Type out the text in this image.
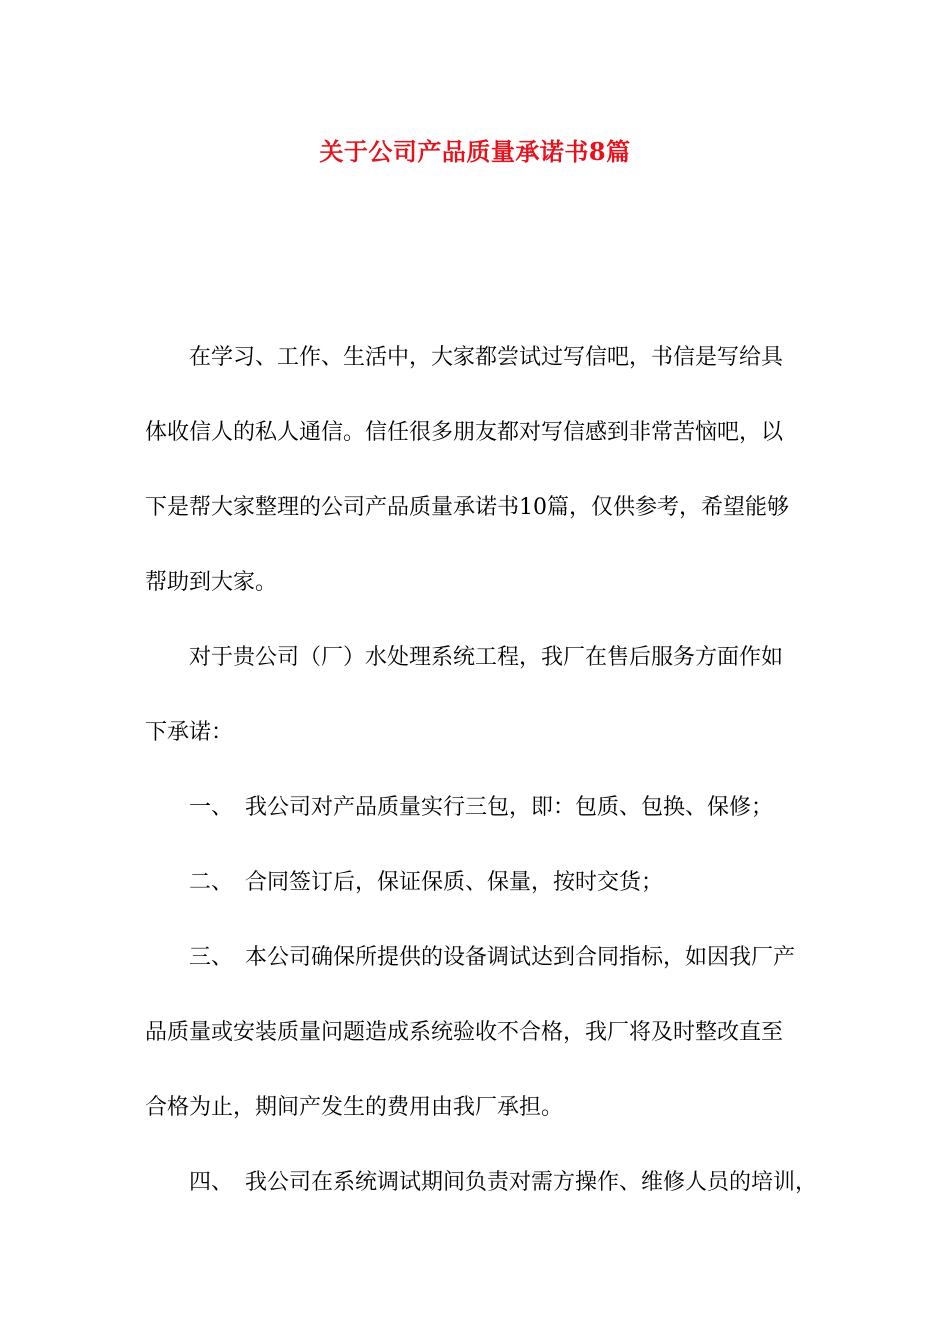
关于公司产品质量承诺书8篇
在学习、工作、生活中，大家都尝试过写信吧，书信是写给具
体收信人的私人通信。信任很多朋友都对写信感到非常苦恼吧，以
下是帮大家整理的公司产品质量承诺书10篇，仅供参考，希望能够
帮助到大家。
对于贵公司（厂）水处理系统工程，我厂在售后服务方面作如
下承诺：
一、 我公司对产品质量实行三包，即：包质、包换、保修；
二、 合同签订后，保证保质、保量，按时交货；
三、 本公司确保所提供的设备调试达到合同指标，如因我厂产
品质量或安装质量问题造成系统验收不合格，我厂将及时整改直至
合格为止，期间产发生的费用由我厂承担。
四、 我公司在系统调试期间负责对需方操作、维修人员的培训，
